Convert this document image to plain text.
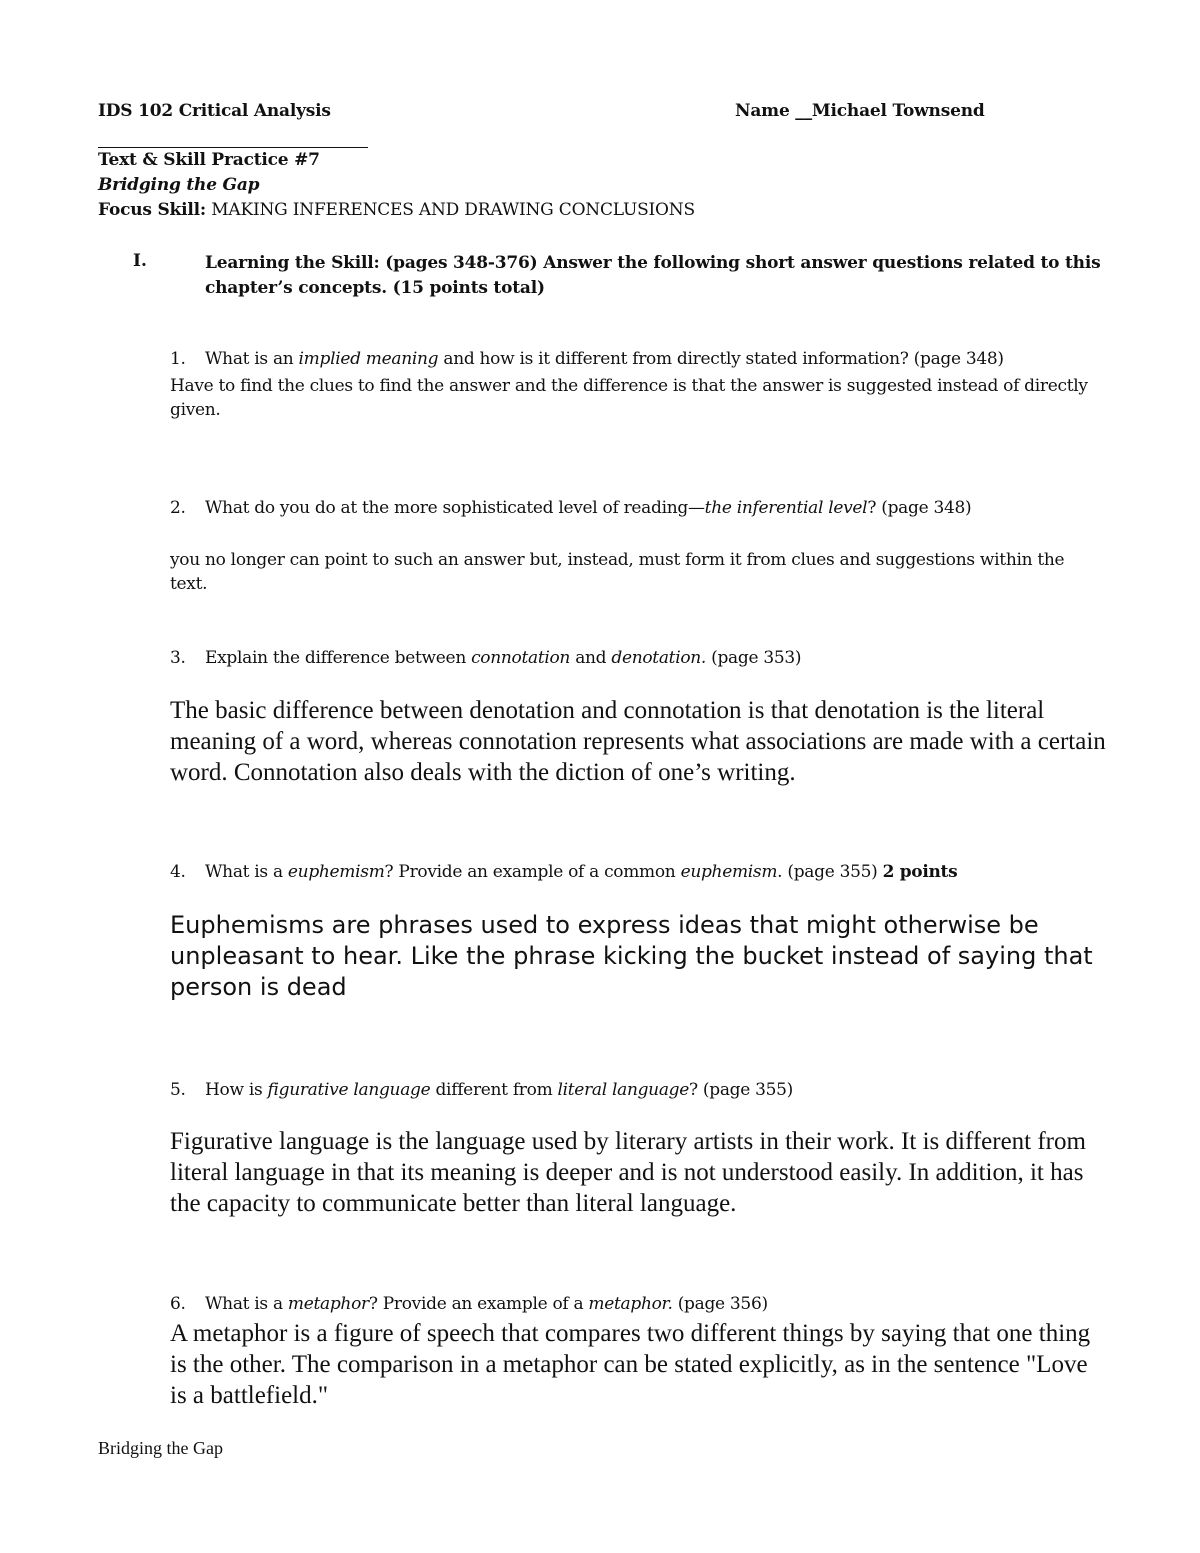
IDS 102 Critical Analysis	Name __Michael Townsend
Text & Skill Practice #7
Bridging the Gap
Focus Skill: MAKING INFERENCES AND DRAWING CONCLUSIONS
I.	Learning the Skill: (pages 348-376) Answer the following short answer questions related to this chapter’s concepts. (15 points total)
1. What is an implied meaning and how is it different from directly stated information? (page 348)
Have to find the clues to find the answer and the difference is that the answer is suggested instead of directly given.
2. What do you do at the more sophisticated level of reading—the inferential level? (page 348)
you no longer can point to such an answer but, instead, must form it from clues and suggestions within the text.
3. Explain the difference between connotation and denotation. (page 353)
The basic difference between denotation and connotation is that denotation is the literal meaning of a word, whereas connotation represents what associations are made with a certain word. Connotation also deals with the diction of one’s writing.
4. What is a euphemism? Provide an example of a common euphemism. (page 355) 2 points
Euphemisms are phrases used to express ideas that might otherwise be unpleasant to hear. Like the phrase kicking the bucket instead of saying that person is dead
5. How is figurative language different from literal language? (page 355)
Figurative language is the language used by literary artists in their work. It is different from literal language in that its meaning is deeper and is not understood easily. In addition, it has the capacity to communicate better than literal language.
6. What is a metaphor? Provide an example of a metaphor. (page 356)
A metaphor is a figure of speech that compares two different things by saying that one thing is the other. The comparison in a metaphor can be stated explicitly, as in the sentence "Love is a battlefield."
Bridging the Gap
